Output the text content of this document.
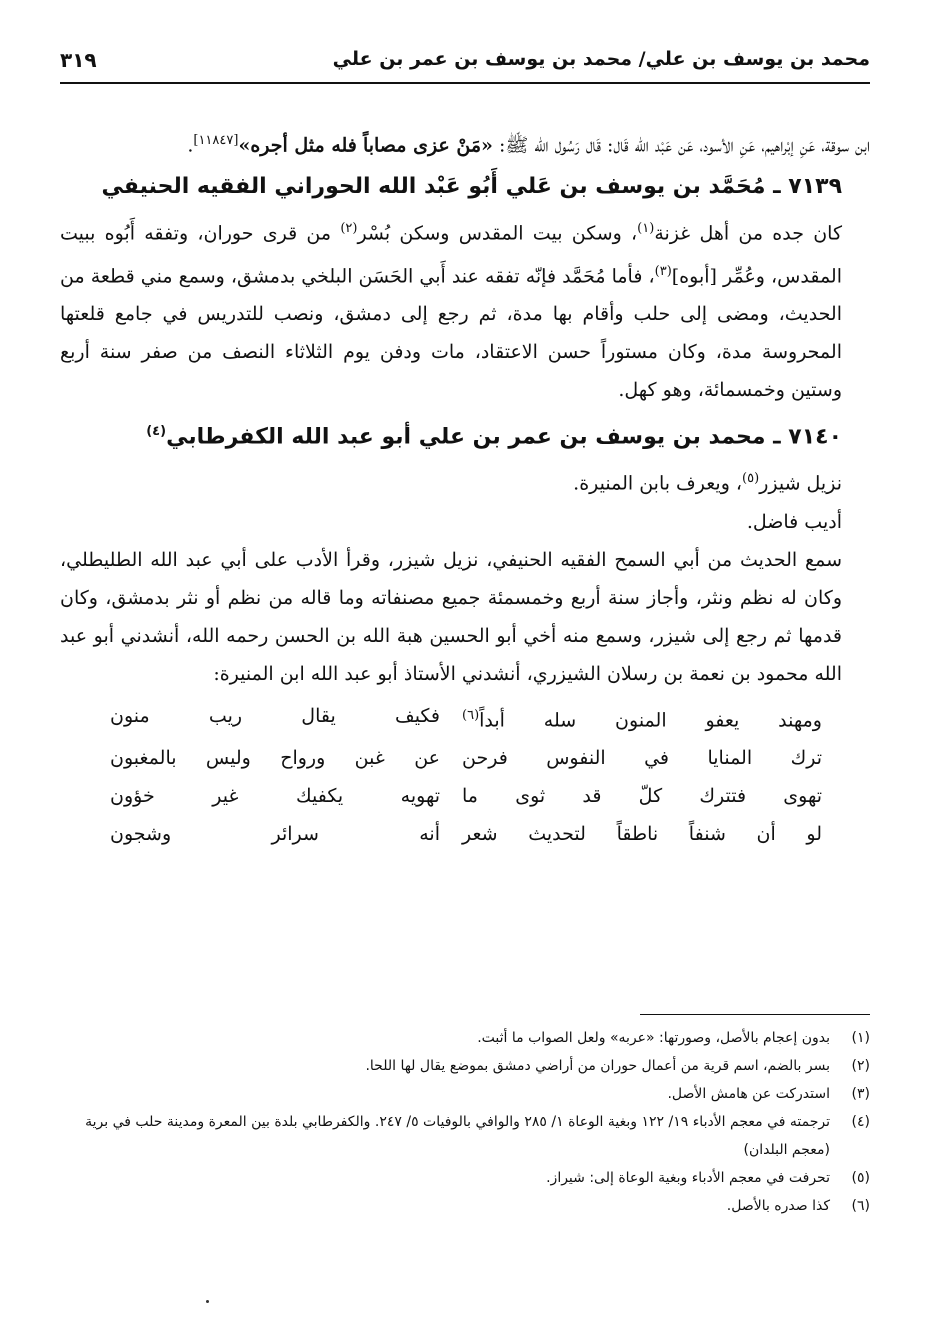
محمد بن يوسف بن علي/ محمد بن يوسف بن عمر بن علي
٣١٩

ابن سوقة، عَنِ إبْراهيم، عَنِ الأسود، عَن عَبْد الله قَال: قَال رَسُول الله ﷺ: «مَنْ عزى مصاباً فله مثل أجره»[١١٨٤٧].

٧١٣٩ ـ مُحَمَّد بن يوسف بن عَلي أَبُو عَبْد الله الحوراني الفقيه الحنيفي

كان جده من أهل غزنة$^{(١)}$، وسكن بيت المقدس وسكن بُسْر$^{(٢)}$ من قرى حوران، وتفقه أَبُوه ببيت المقدس، وعُمِّر [أبوه]$^{(٣)}$، فأما مُحَمَّد فإنّه تفقه عند أَبي الحَسَن البلخي بدمشق، وسمع مني قطعة من الحديث، ومضى إلى حلب وأقام بها مدة، ثم رجع إلى دمشق، ونصب للتدريس في جامع قلعتها المحروسة مدة، وكان مستوراً حسن الاعتقاد، مات ودفن يوم الثلاثاء النصف من صفر سنة أربع وستين وخمسمائة، وهو كهل.

٧١٤٠ ـ محمد بن يوسف بن عمر بن علي أبو عبد الله الكفرطابي$^{(٤)}$

نزيل شيزر$^{(٥)}$، ويعرف بابن المنيرة.

أديب فاضل.

سمع الحديث من أبي السمح الفقيه الحنيفي، نزيل شيزر، وقرأ الأدب على أبي عبد الله الطليطلي، وكان له نظم ونثر، وأجاز سنة أربع وخمسمئة جميع مصنفاته وما قاله من نظم أو نثر بدمشق، وكان قدمها ثم رجع إلى شيزر، وسمع منه أخي أبو الحسين هبة الله بن الحسن رحمه الله، أنشدني أبو عبد الله محمود بن نعمة بن رسلان الشيزري، أنشدني الأستاذ أبو عبد الله ابن المنيرة:

ومهند يعفو المنون سله أبداً$^{(٦)}$
فكيف يقال ريب منون
ترك المنايا في النفوس فرحن
عن غبن ورواح وليس بالمغبون
تهوى فتترك كلّ قد ثوى ما
تهويه يكفيك غير خؤون
لو أن شنفاً ناطقاً لتحديث شعر
أنه سرائر وشجون
(١)
بدون إعجام بالأصل، وصورتها: «عربه» ولعل الصواب ما أثبت.
(٢)
بسر بالضم، اسم قرية من أعمال حوران من أراضي دمشق بموضع يقال لها اللحا.
(٣)
استدركت عن هامش الأصل.
(٤)
ترجمته في معجم الأدباء ١٩/ ١٢٢ وبغية الوعاة ١/ ٢٨٥ والوافي بالوفيات ٥/ ٢٤٧. والكفرطابي بلدة بين المعرة ومدينة حلب في برية (معجم البلدان)
(٥)
تحرفت في معجم الأدباء وبغية الوعاة إلى: شيراز.
(٦)
كذا صدره بالأصل.
